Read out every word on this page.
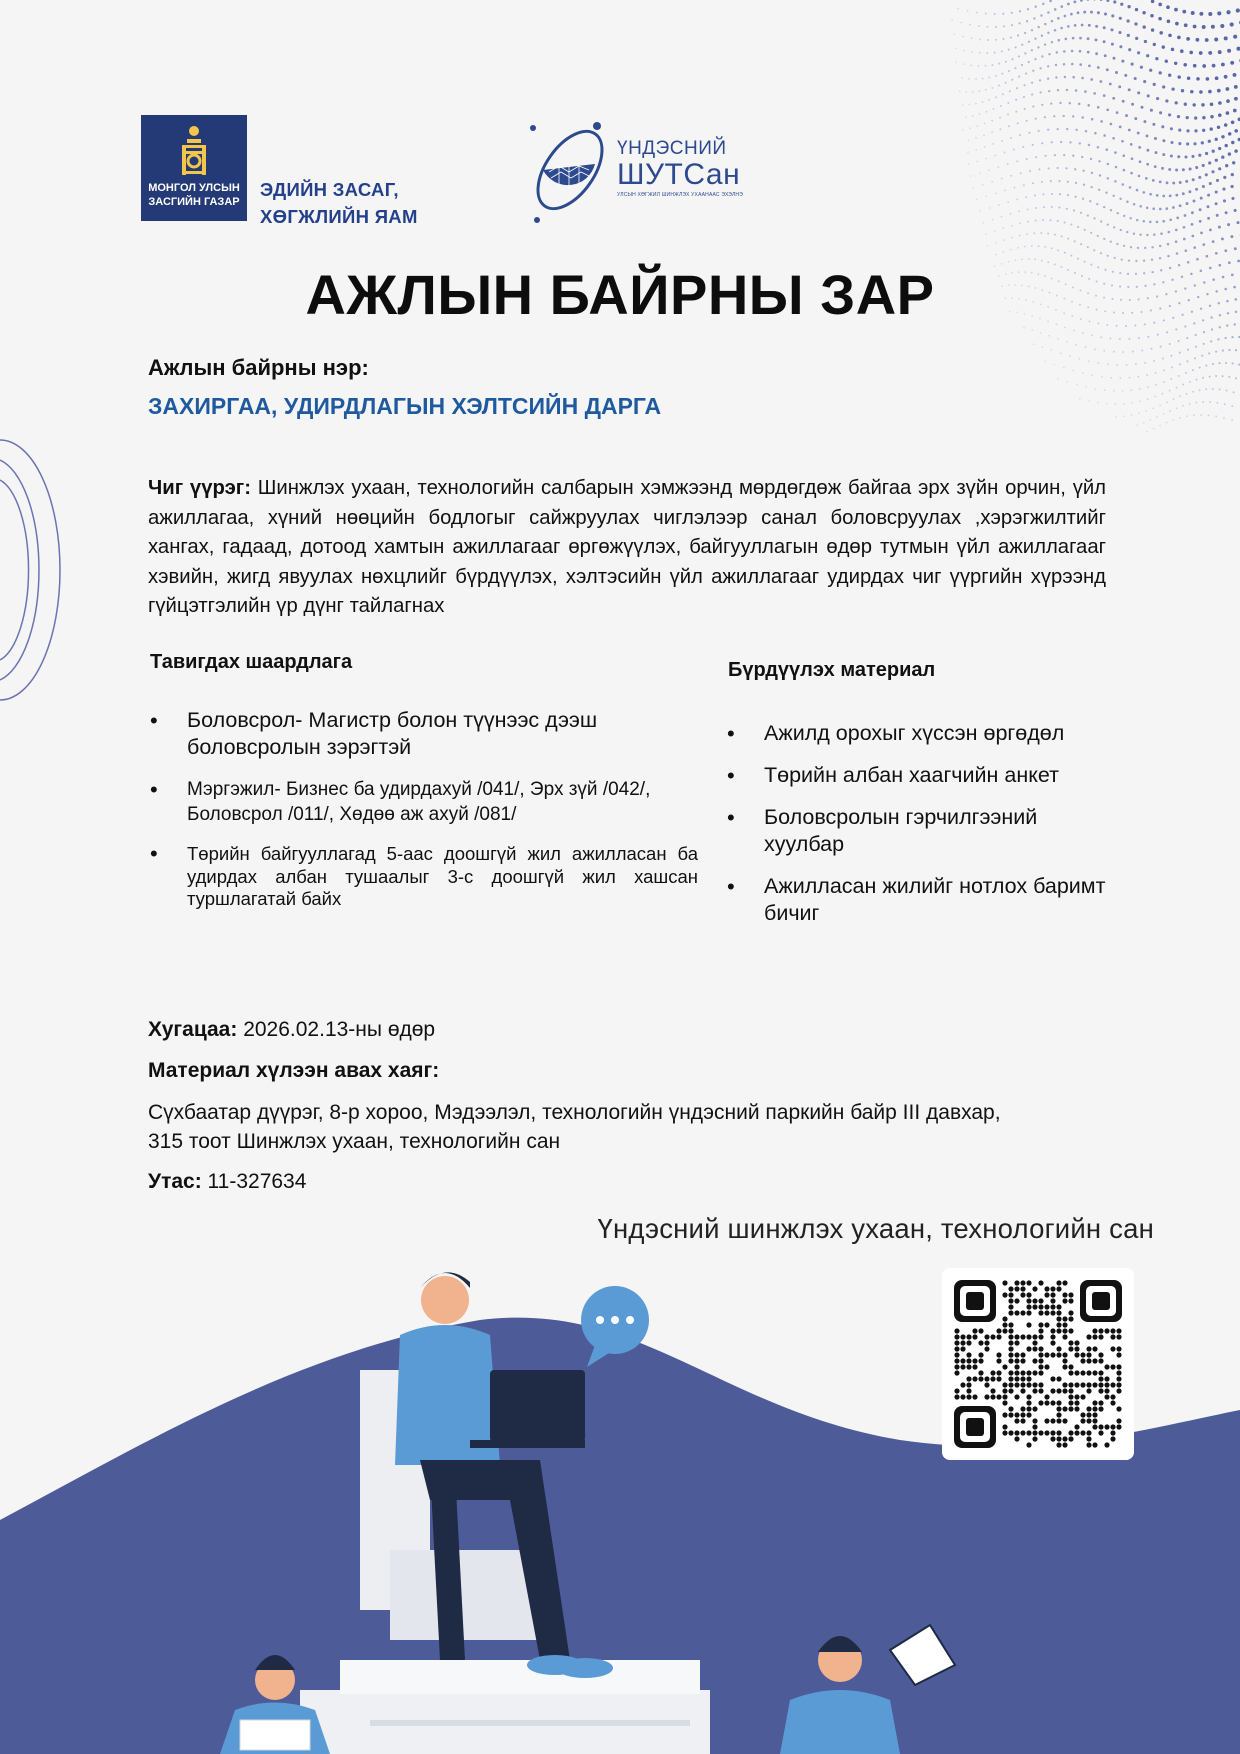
МОНГОЛ УЛСЫН
ЗАСГИЙН ГАЗАР
ЭДИЙН ЗАСАГ,
ХӨГЖЛИЙН ЯАМ
ҮНДЭСНИЙ
ШУТСан
УЛСЫН ХӨГЖИЛ ШИНЖЛЭХ УХААНААС ЭХЭЛНЭ
АЖЛЫН БАЙРНЫ ЗАР
Ажлын байрны нэр:
ЗАХИРГАА, УДИРДЛАГЫН ХЭЛТСИЙН ДАРГА
Чиг үүрэг: Шинжлэх ухаан, технологийн салбарын хэмжээнд мөрдөгдөж байгаа эрх зүйн орчин, үйл ажиллагаа, хүний нөөцийн бодлогыг сайжруулах чиглэлээр санал боловсруулах ,хэрэгжилтийг хангах, гадаад, дотоод хамтын ажиллагааг өргөжүүлэх, байгууллагын өдөр тутмын үйл ажиллагааг хэвийн, жигд явуулах нөхцлийг бүрдүүлэх, хэлтэсийн үйл ажиллагааг удирдах чиг үүргийн хүрээнд гүйцэтгэлийн үр дүнг тайлагнах
Тавигдах шаардлага
• Боловсрол- Магистр болон түүнээс дээш боловсролын зэрэгтэй
• Мэргэжил- Бизнес ба удирдахуй /041/, Эрх зүй /042/, Боловсрол /011/, Хөдөө аж ахуй /081/
• Төрийн байгууллагад 5-аас доошгүй жил ажилласан ба удирдах албан тушаалыг 3-с доошгүй жил хашсан туршлагатай байх
Бүрдүүлэх материал
• Ажилд орохыг хүссэн өргөдөл
• Төрийн албан хаагчийн анкет
• Боловсролын гэрчилгээний хуулбар
• Ажилласан жилийг нотлох баримт бичиг
Хугацаа: 2026.02.13-ны өдөр
Материал хүлээн авах хаяг:
Сүхбаатар дүүрэг, 8-р хороо, Мэдээлэл, технологийн үндэсний паркийн байр III давхар,
315 тоот Шинжлэх ухаан, технологийн сан
Утас: 11-327634
Үндэсний шинжлэх ухаан, технологийн сан
